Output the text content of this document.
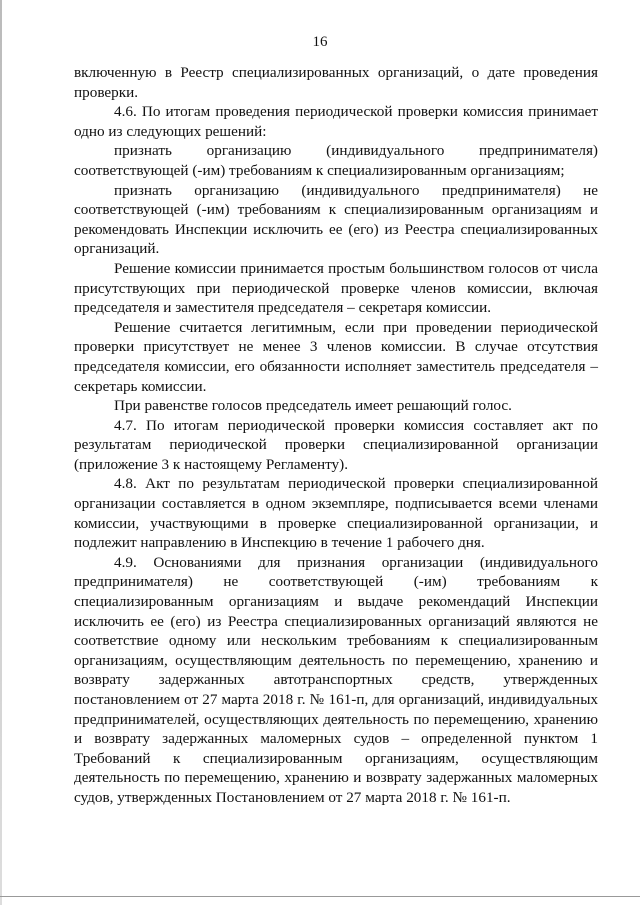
16

включенную в Реестр специализированных организаций, о дате проведения проверки.

4.6. По итогам проведения периодической проверки комиссия принимает одно из следующих решений:

признать организацию (индивидуального предпринимателя) соответствующей (-им) требованиям к специализированным организациям;

признать организацию (индивидуального предпринимателя) не соответствующей (-им) требованиям к специализированным организациям и рекомендовать Инспекции исключить ее (его) из Реестра специализированных организаций.

Решение комиссии принимается простым большинством голосов от числа присутствующих при периодической проверке членов комиссии, включая председателя и заместителя председателя – секретаря комиссии.

Решение считается легитимным, если при проведении периодической проверки присутствует не менее 3 членов комиссии. В случае отсутствия председателя комиссии, его обязанности исполняет заместитель председателя – секретарь комиссии.

При равенстве голосов председатель имеет решающий голос.

4.7. По итогам периодической проверки комиссия составляет акт по результатам периодической проверки специализированной организации (приложение 3 к настоящему Регламенту).

4.8. Акт по результатам периодической проверки специализированной организации составляется в одном экземпляре, подписывается всеми членами комиссии, участвующими в проверке специализированной организации, и подлежит направлению в Инспекцию в течение 1 рабочего дня.

4.9. Основаниями для признания организации (индивидуального предпринимателя) не соответствующей (-им) требованиям к специализированным организациям и выдаче рекомендаций Инспекции исключить ее (его) из Реестра специализированных организаций являются не соответствие одному или нескольким требованиям к специализированным организациям, осуществляющим деятельность по перемещению, хранению и возврату задержанных автотранспортных средств, утвержденных постановлением от 27 марта 2018 г. № 161-п, для организаций, индивидуальных предпринимателей, осуществляющих деятельность по перемещению, хранению и возврату задержанных маломерных судов – определенной пунктом 1 Требований к специализированным организациям, осуществляющим деятельность по перемещению, хранению и возврату задержанных маломерных судов, утвержденных Постановлением от 27 марта 2018 г. № 161-п.
